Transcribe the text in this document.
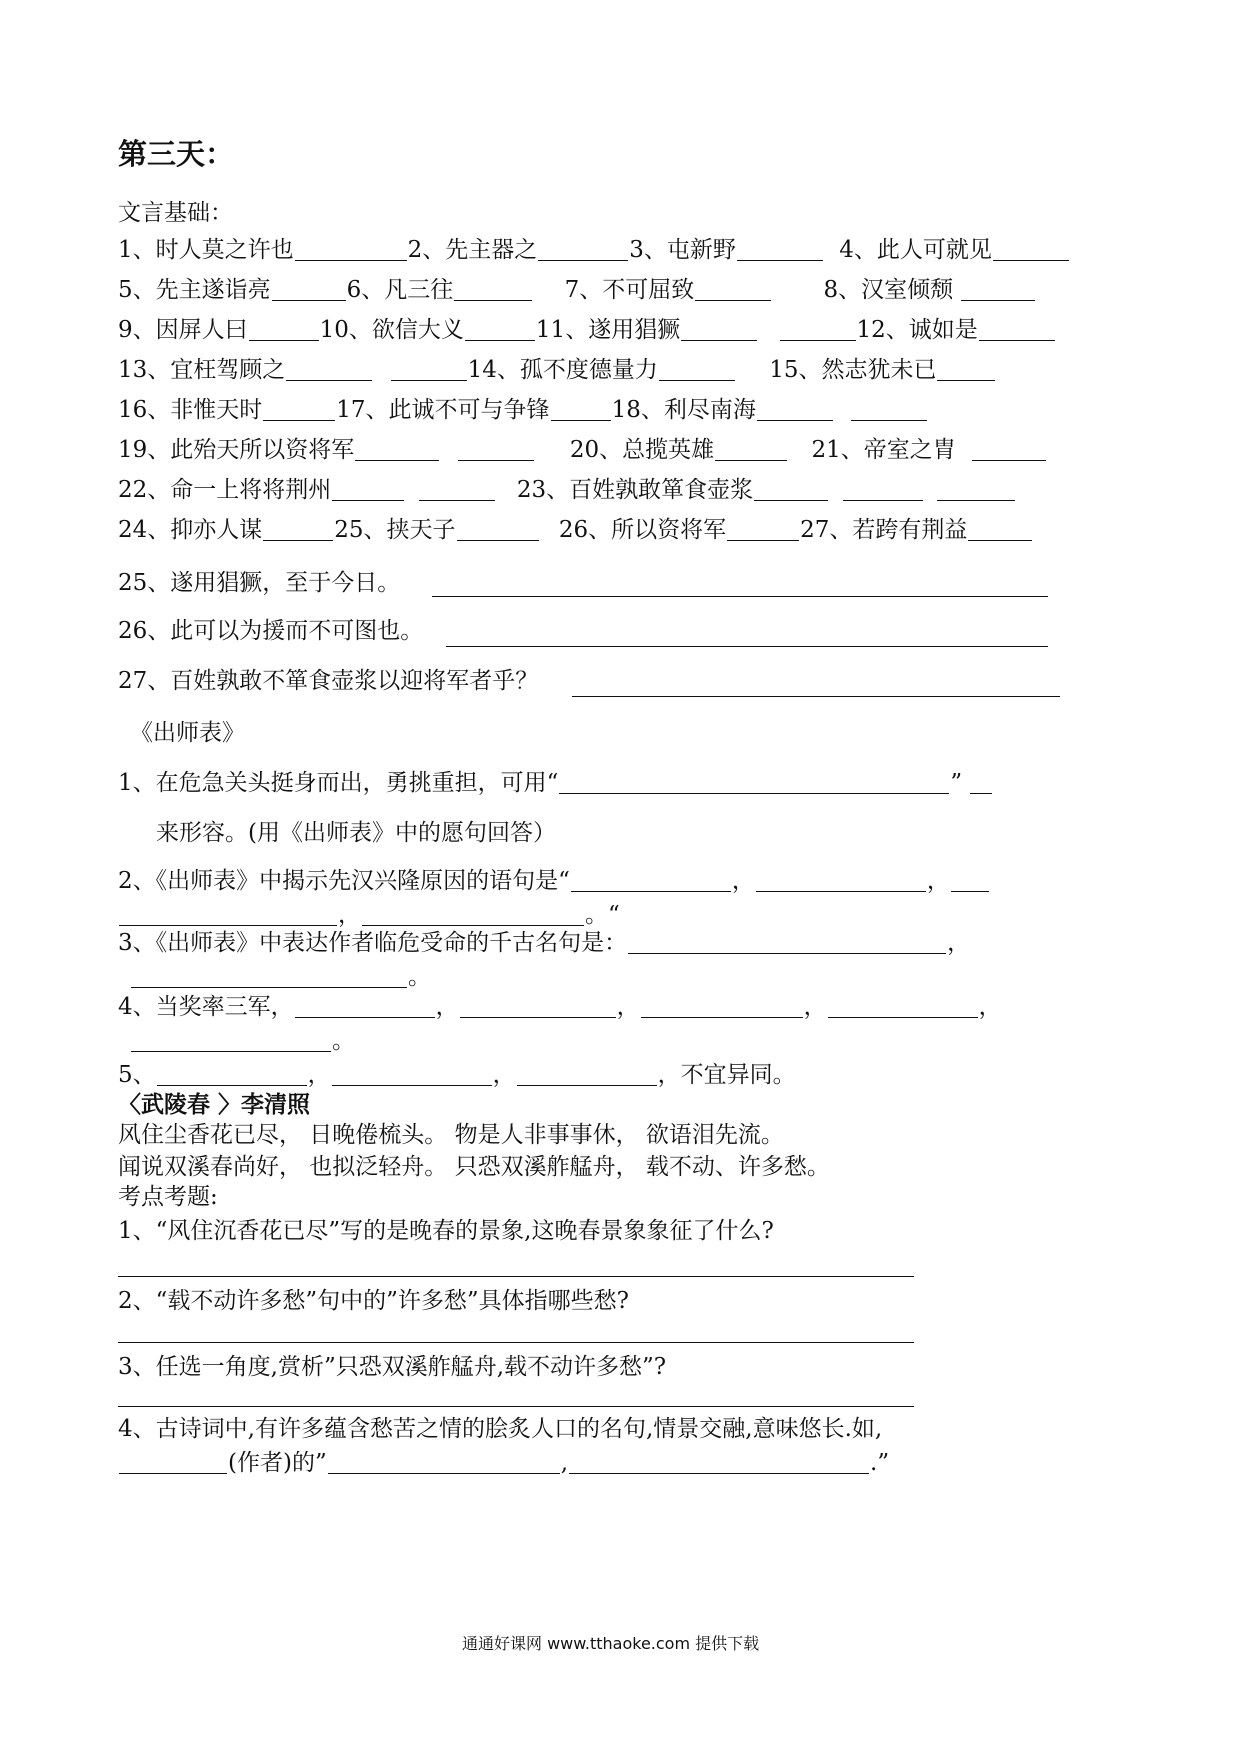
第三天：
文言基础：
1、时人莫之许也	2、先主器之	3、屯新野	4、此人可就见
5、先主遂诣亮	6、凡三往	7、不可屈致	8、汉室倾颓
9、因屏人曰	10、欲信大义	11、遂用猖獗	12、诚如是
13、宜枉驾顾之	14、孤不度德量力	15、然志犹未已
16、非惟天时	17、此诚不可与争锋	18、利尽南海
19、此殆天所以资将军	20、总揽英雄	21、帝室之胄
22、命一上将将荆州	23、百姓孰敢箪食壶浆
24、抑亦人谋	25、挟天子	26、所以资将军	27、若跨有荆益
25、遂用猖獗，至于今日。
26、此可以为援而不可图也。
27、百姓孰敢不箪食壶浆以迎将军者乎？
《出师表》
1、在危急关头挺身而出，勇挑重担，可用“	”
来形容。(用《出师表》中的愿句回答）
2、《出师表》中揭示先汉兴隆原因的语句是“	，	，
，	。“
3、《出师表》中表达作者临危受命的千古名句是：	，
。
4、当奖率三军，	，	，	，	，
。
5、	，	，	，不宜异同。
〈武陵春 〉李清照
风住尘香花已尽， 日晚倦梳头。 物是人非事事休， 欲语泪先流。
闻说双溪春尚好， 也拟泛轻舟。 只恐双溪舴艋舟， 载不动、许多愁。
考点考题:
1、“风住沉香花已尽”写的是晚春的景象,这晚春景象象征了什么?
2、“载不动许多愁”句中的”许多愁”具体指哪些愁?
3、任选一角度,赏析”只恐双溪舴艋舟,载不动许多愁”?
4、古诗词中,有许多蕴含愁苦之情的脍炙人口的名句,情景交融,意味悠长.如,
(作者)的”	,	.”
通通好课网 www.tthaoke.com 提供下载
